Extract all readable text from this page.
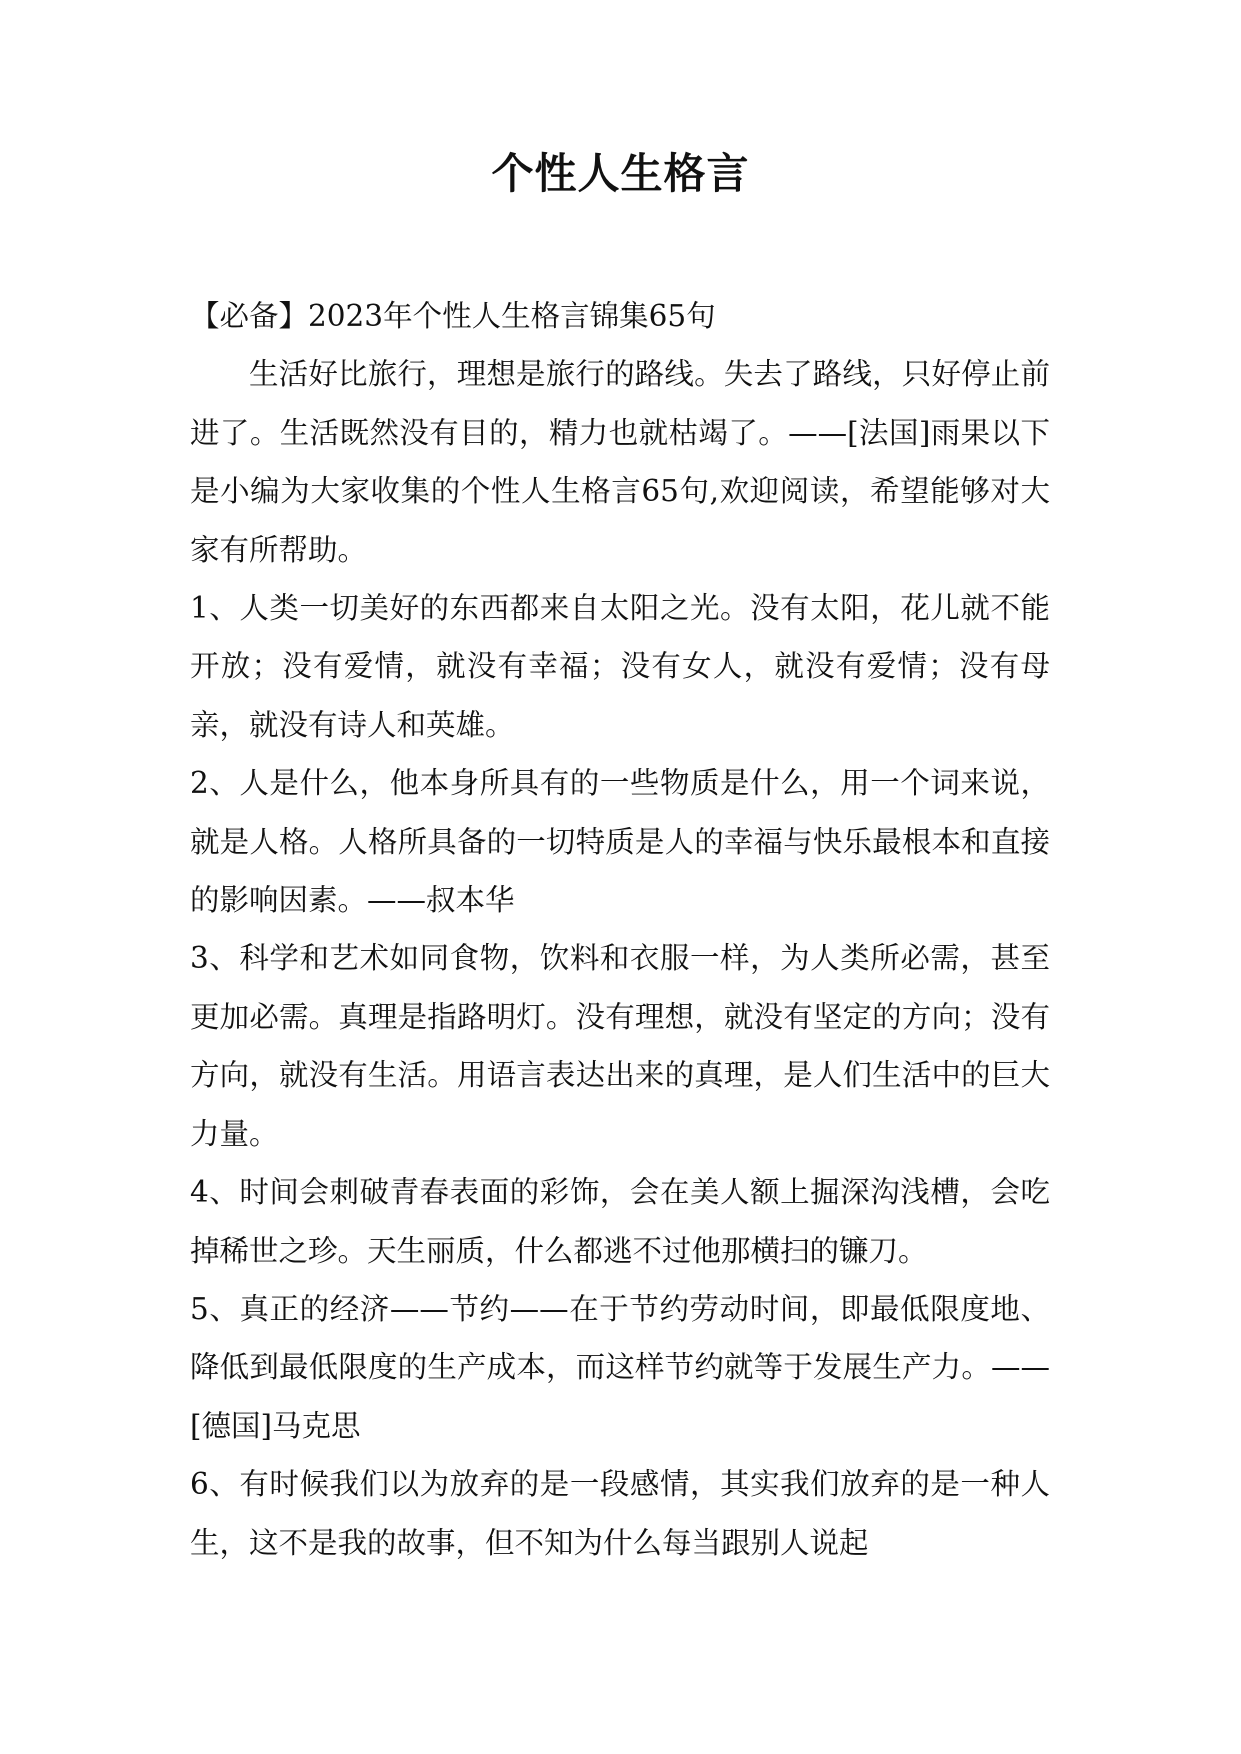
个性人生格言

【必备】2023年个性人生格言锦集65句

生活好比旅行，理想是旅行的路线。失去了路线，只好停止前进了。生活既然没有目的，精力也就枯竭了。——[法国]雨果以下是小编为大家收集的个性人生格言65句,欢迎阅读，希望能够对大家有所帮助。

1、人类一切美好的东西都来自太阳之光。没有太阳，花儿就不能开放；没有爱情，就没有幸福；没有女人，就没有爱情；没有母亲，就没有诗人和英雄。

2、人是什么，他本身所具有的一些物质是什么，用一个词来说，就是人格。人格所具备的一切特质是人的幸福与快乐最根本和直接的影响因素。——叔本华

3、科学和艺术如同食物，饮料和衣服一样，为人类所必需，甚至更加必需。真理是指路明灯。没有理想，就没有坚定的方向；没有方向，就没有生活。用语言表达出来的真理，是人们生活中的巨大力量。

4、时间会刺破青春表面的彩饰，会在美人额上掘深沟浅槽，会吃掉稀世之珍。天生丽质，什么都逃不过他那横扫的镰刀。

5、真正的经济——节约——在于节约劳动时间，即最低限度地、降低到最低限度的生产成本，而这样节约就等于发展生产力。——[德国]马克思

6、有时候我们以为放弃的是一段感情，其实我们放弃的是一种人生，这不是我的故事，但不知为什么每当跟别人说起
